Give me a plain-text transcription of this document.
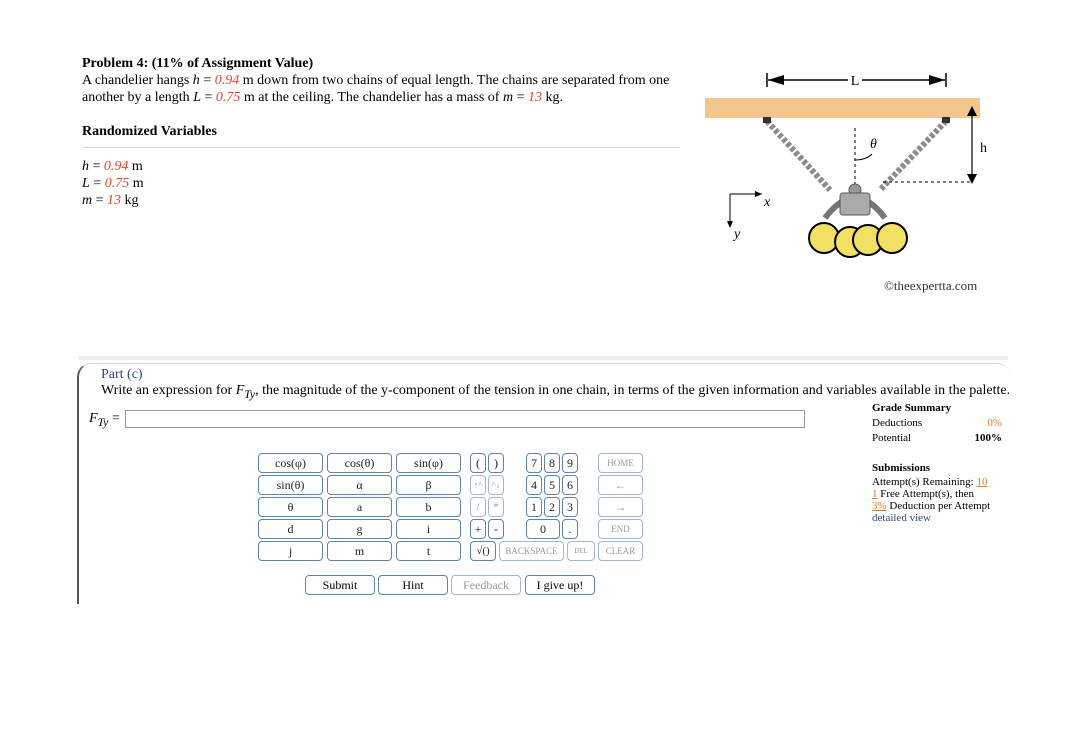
Problem 4: (11% of Assignment Value)
A chandelier hangs h = 0.94 m down from two chains of equal length. The chains are separated from one
another by a length L = 0.75 m at the ceiling. The chandelier has a mass of m = 13 kg.
Randomized Variables
h = 0.94 m
L = 0.75 m
m = 13 kg
L
h
θ
x
y
©theexpertta.com
Part (c)
Write an expression for $F_{Ty}$, the magnitude of the y-component of the tension in one chain, in terms of the given information and variables available in the palette.
$F_{Ty}$ =
cos(φ)	cos(θ)	sin(φ)
sin(θ)	α	β
θ	a	b
d	g	i
j	m	t
(	)	7	8	9	HOME
↑^	^↓	4	5	6	←
/	*	1	2	3	→
+	-	0	.	END
√()	BACKSPACE	DEL	CLEAR
Submit	Hint	Feedback	I give up!
Grade Summary
Deductions	0%
Potential	100%
Submissions
Attempt(s) Remaining: 10
1 Free Attempt(s), then
3% Deduction per Attempt
detailed view
